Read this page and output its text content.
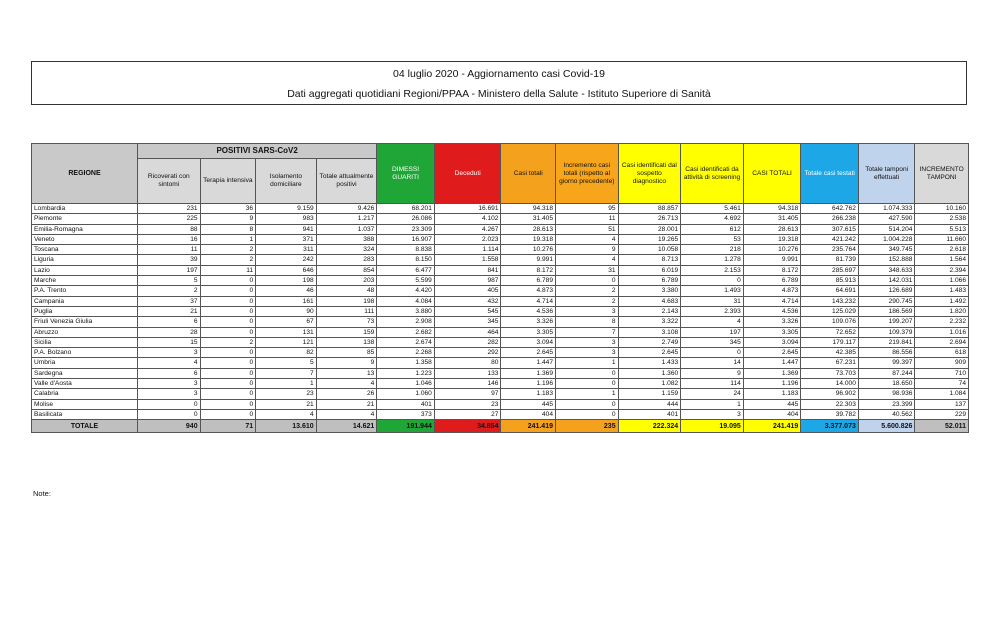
04 luglio 2020 - Aggiornamento casi Covid-19
Dati aggregati quotidiani Regioni/PPAA - Ministero della Salute - Istituto Superiore di Sanità
REGIONE	POSITIVI SARS-CoV2				DIMESSI GUARITI	Deceduti	Casi totali	Incremento casi totali (rispetto al giorno precedente)	Casi identificati dal sospetto diagnostico	Casi identificati da attività di screening	CASI TOTALI	Totale casi testati	Totale tamponi effettuati	INCREMENTO TAMPONI
	Ricoverati con sintomi	Terapia intensiva	Isolamento domiciliare	Totale attualmente positivi										
Lombardia	231	36	9.159	9.426	68.201	16.691	94.318	95	88.857	5.461	94.318	642.762	1.074.333	10.160
Piemonte	225	9	983	1.217	26.086	4.102	31.405	11	26.713	4.692	31.405	266.238	427.590	2.538
Emilia-Romagna	88	8	941	1.037	23.309	4.267	28.613	51	28.001	612	28.613	307.615	514.204	5.513
Veneto	16	1	371	388	16.907	2.023	19.318	4	19.265	53	19.318	421.242	1.004.228	11.660
Toscana	11	2	311	324	8.838	1.114	10.276	9	10.058	218	10.276	235.764	349.745	2.618
Liguria	39	2	242	283	8.150	1.558	9.991	4	8.713	1.278	9.991	81.739	152.888	1.564
Lazio	197	11	646	854	6.477	841	8.172	31	6.019	2.153	8.172	285.697	348.633	2.394
Marche	5	0	198	203	5.599	987	6.789	0	6.789	0	6.789	85.913	142.031	1.066
P.A. Trento	2	0	46	48	4.420	405	4.873	2	3.380	1.493	4.873	64.691	126.689	1.483
Campania	37	0	161	198	4.084	432	4.714	2	4.683	31	4.714	143.232	290.745	1.492
Puglia	21	0	90	111	3.880	545	4.536	3	2.143	2.393	4.536	125.029	186.569	1.820
Friuli Venezia Giulia	6	0	67	73	2.908	345	3.326	8	3.322	4	3.326	109.076	199.207	2.232
Abruzzo	28	0	131	159	2.682	464	3.305	7	3.108	197	3.305	72.652	109.379	1.016
Sicilia	15	2	121	138	2.674	282	3.094	3	2.749	345	3.094	179.117	219.841	2.694
P.A. Bolzano	3	0	82	85	2.268	292	2.645	3	2.645	0	2.645	42.385	86.556	618
Umbria	4	0	5	9	1.358	80	1.447	1	1.433	14	1.447	67.231	99.397	909
Sardegna	6	0	7	13	1.223	133	1.369	0	1.360	9	1.369	73.703	87.244	710
Valle d'Aosta	3	0	1	4	1.046	146	1.196	0	1.082	114	1.196	14.000	18.650	74
Calabria	3	0	23	26	1.060	97	1.183	1	1.159	24	1.183	96.902	98.936	1.084
Molise	0	0	21	21	401	23	445	0	444	1	445	22.303	23.399	137
Basilicata	0	0	4	4	373	27	404	0	401	3	404	39.782	40.562	229
TOTALE	940	71	13.610	14.621	191.944	34.854	241.419	235	222.324	19.095	241.419	3.377.073	5.600.826	52.011
Note:
